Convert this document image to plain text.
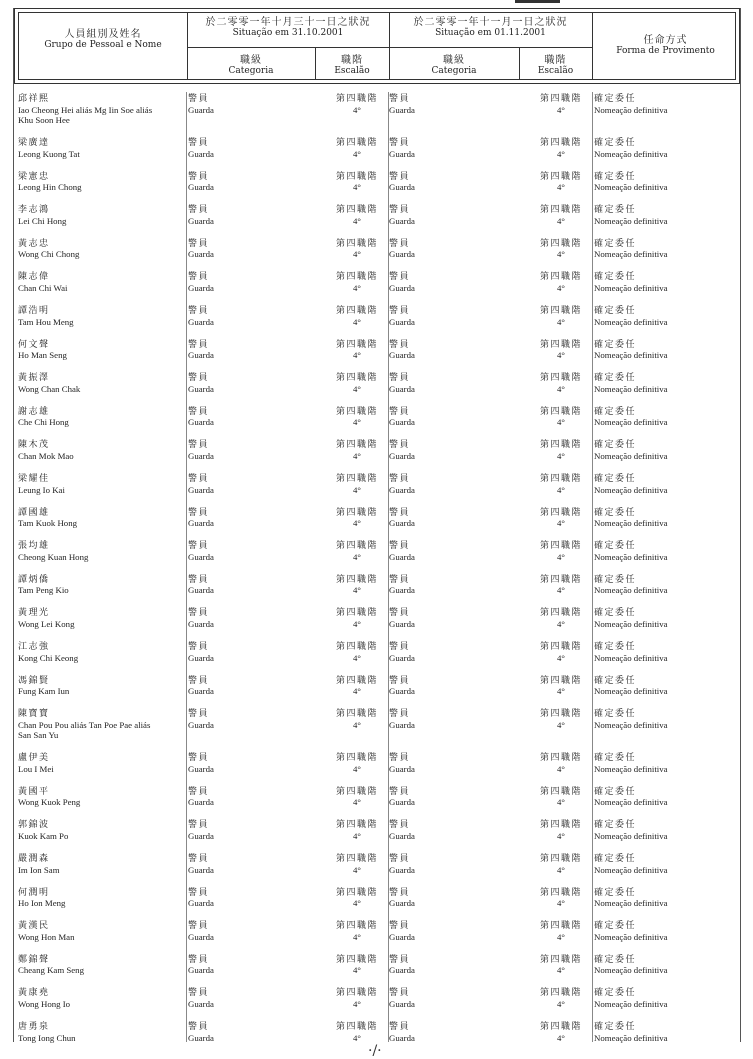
人員組別及姓名
Grupo de Pessoal e Nome
於二零零一年十月三十一日之狀況
Situação em 31.10.2001
於二零零一年十一月一日之狀況
Situação em 01.11.2001
任命方式
Forma de Provimento
職級
Categoria
職階
Escalão
職級
Categoria
職階
Escalão
邱祥熙
Iao Cheong Hei aliás Mg Iin Soe aliás
Khu Soon Hee
警員
Guarda
第四職階
4°
警員
Guarda
第四職階
4°
確定委任
Nomeação definitiva
梁廣達
Leong Kuong Tat
警員
Guarda
第四職階
4°
警員
Guarda
第四職階
4°
確定委任
Nomeação definitiva
梁憲忠
Leong Hin Chong
警員
Guarda
第四職階
4°
警員
Guarda
第四職階
4°
確定委任
Nomeação definitiva
李志鴻
Lei Chi Hong
警員
Guarda
第四職階
4°
警員
Guarda
第四職階
4°
確定委任
Nomeação definitiva
黃志忠
Wong Chi Chong
警員
Guarda
第四職階
4°
警員
Guarda
第四職階
4°
確定委任
Nomeação definitiva
陳志偉
Chan Chi Wai
警員
Guarda
第四職階
4°
警員
Guarda
第四職階
4°
確定委任
Nomeação definitiva
譚浩明
Tam Hou Meng
警員
Guarda
第四職階
4°
警員
Guarda
第四職階
4°
確定委任
Nomeação definitiva
何文聲
Ho Man Seng
警員
Guarda
第四職階
4°
警員
Guarda
第四職階
4°
確定委任
Nomeação definitiva
黃振澤
Wong Chan Chak
警員
Guarda
第四職階
4°
警員
Guarda
第四職階
4°
確定委任
Nomeação definitiva
謝志雄
Che Chi Hong
警員
Guarda
第四職階
4°
警員
Guarda
第四職階
4°
確定委任
Nomeação definitiva
陳木茂
Chan Mok Mao
警員
Guarda
第四職階
4°
警員
Guarda
第四職階
4°
確定委任
Nomeação definitiva
梁耀佳
Leung Io Kai
警員
Guarda
第四職階
4°
警員
Guarda
第四職階
4°
確定委任
Nomeação definitiva
譚國雄
Tam Kuok Hong
警員
Guarda
第四職階
4°
警員
Guarda
第四職階
4°
確定委任
Nomeação definitiva
張均雄
Cheong Kuan Hong
警員
Guarda
第四職階
4°
警員
Guarda
第四職階
4°
確定委任
Nomeação definitiva
譚炳僑
Tam Peng Kio
警員
Guarda
第四職階
4°
警員
Guarda
第四職階
4°
確定委任
Nomeação definitiva
黃理光
Wong Lei Kong
警員
Guarda
第四職階
4°
警員
Guarda
第四職階
4°
確定委任
Nomeação definitiva
江志強
Kong Chi Keong
警員
Guarda
第四職階
4°
警員
Guarda
第四職階
4°
確定委任
Nomeação definitiva
馮錦賢
Fung Kam Iun
警員
Guarda
第四職階
4°
警員
Guarda
第四職階
4°
確定委任
Nomeação definitiva
陳寶寶
Chan Pou Pou aliás Tan Poe Pae aliás
San San Yu
警員
Guarda
第四職階
4°
警員
Guarda
第四職階
4°
確定委任
Nomeação definitiva
盧伊美
Lou I Mei
警員
Guarda
第四職階
4°
警員
Guarda
第四職階
4°
確定委任
Nomeação definitiva
黃國平
Wong Kuok Peng
警員
Guarda
第四職階
4°
警員
Guarda
第四職階
4°
確定委任
Nomeação definitiva
郭錦波
Kuok Kam Po
警員
Guarda
第四職階
4°
警員
Guarda
第四職階
4°
確定委任
Nomeação definitiva
嚴潤森
Im Ion Sam
警員
Guarda
第四職階
4°
警員
Guarda
第四職階
4°
確定委任
Nomeação definitiva
何潤明
Ho Ion Meng
警員
Guarda
第四職階
4°
警員
Guarda
第四職階
4°
確定委任
Nomeação definitiva
黃漢民
Wong Hon Man
警員
Guarda
第四職階
4°
警員
Guarda
第四職階
4°
確定委任
Nomeação definitiva
鄭錦聲
Cheang Kam Seng
警員
Guarda
第四職階
4°
警員
Guarda
第四職階
4°
確定委任
Nomeação definitiva
黃康堯
Wong Hong Io
警員
Guarda
第四職階
4°
警員
Guarda
第四職階
4°
確定委任
Nomeação definitiva
唐勇泉
Tong Iong Chun
警員
Guarda
第四職階
4°
警員
Guarda
第四職階
4°
確定委任
Nomeação definitiva
·/·
